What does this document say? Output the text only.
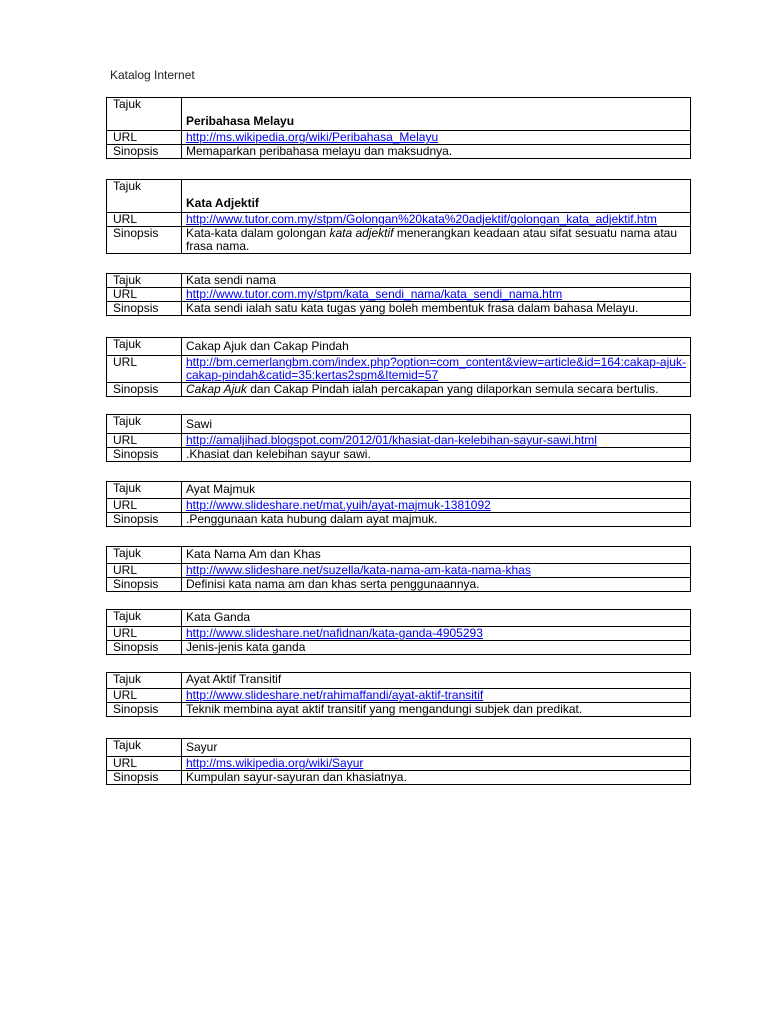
Katalog Internet
Tajuk	Peribahasa Melayu
URL	http://ms.wikipedia.org/wiki/Peribahasa_Melayu
Sinopsis	Memaparkan peribahasa melayu dan maksudnya.
Tajuk	Kata Adjektif
URL	http://www.tutor.com.my/stpm/Golongan%20kata%20adjektif/golongan_kata_adjektif.htm
Sinopsis	Kata-kata dalam golongan kata adjektif menerangkan keadaan atau sifat sesuatu nama atau frasa nama.
Tajuk	Kata sendi nama
URL	http://www.tutor.com.my/stpm/kata_sendi_nama/kata_sendi_nama.htm
Sinopsis	Kata sendi ialah satu kata tugas yang boleh membentuk frasa dalam bahasa Melayu.
Tajuk	Cakap Ajuk dan Cakap Pindah
URL	http://bm.cemerlangbm.com/index.php?option=com_content&view=article&id=164:cakap-ajuk-cakap-pindah&catid=35:kertas2spm&Itemid=57
Sinopsis	Cakap Ajuk dan Cakap Pindah ialah percakapan yang dilaporkan semula secara bertulis.
Tajuk	Sawi
URL	http://amaljihad.blogspot.com/2012/01/khasiat-dan-kelebihan-sayur-sawi.html
Sinopsis	.Khasiat dan kelebihan sayur sawi.
Tajuk	Ayat Majmuk
URL	http://www.slideshare.net/mat.yuih/ayat-majmuk-1381092
Sinopsis	.Penggunaan kata hubung dalam ayat majmuk.
Tajuk	Kata Nama Am dan Khas
URL	http://www.slideshare.net/suzella/kata-nama-am-kata-nama-khas
Sinopsis	Definisi kata nama am dan khas serta penggunaannya.
Tajuk	Kata Ganda
URL	http://www.slideshare.net/nafidnan/kata-ganda-4905293
Sinopsis	Jenis-jenis kata ganda
Tajuk	Ayat Aktif Transitif
URL	http://www.slideshare.net/rahimaffandi/ayat-aktif-transitif
Sinopsis	Teknik membina ayat aktif transitif yang mengandungi subjek dan predikat.
Tajuk	Sayur
URL	http://ms.wikipedia.org/wiki/Sayur
Sinopsis	Kumpulan sayur-sayuran dan khasiatnya.
